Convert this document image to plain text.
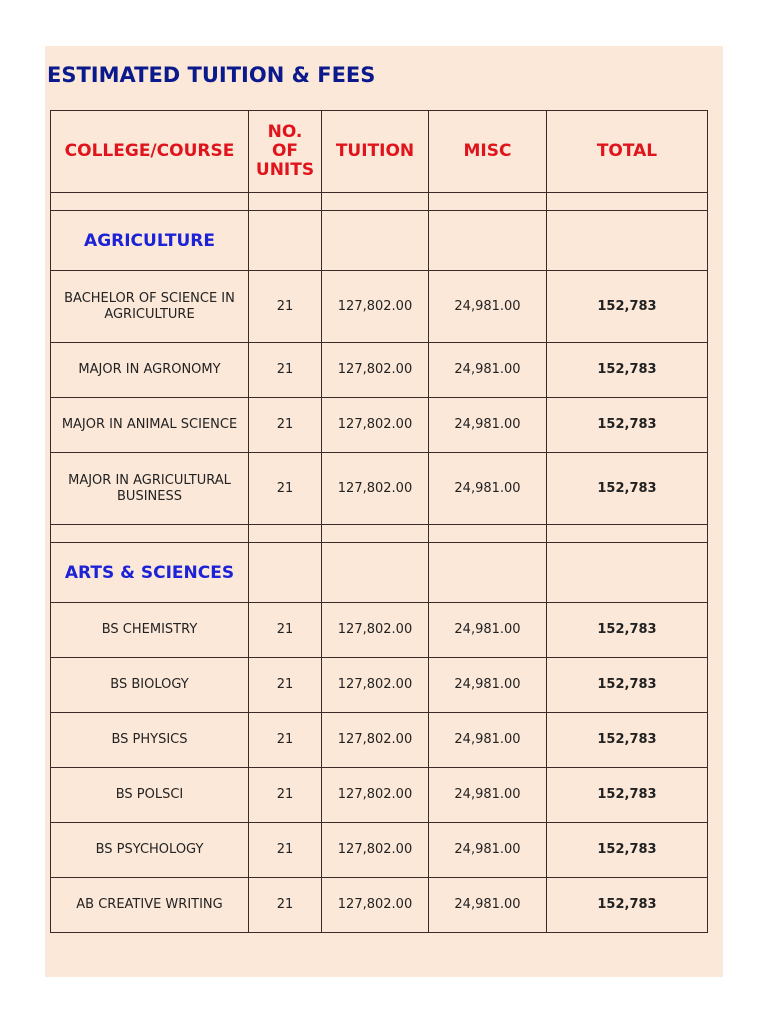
ESTIMATED TUITION & FEES
COLLEGE/COURSE	NO. OF UNITS	TUITION	MISC	TOTAL

AGRICULTURE				
BACHELOR OF SCIENCE IN AGRICULTURE	21	127,802.00	24,981.00	152,783
MAJOR IN AGRONOMY	21	127,802.00	24,981.00	152,783
MAJOR IN ANIMAL SCIENCE	21	127,802.00	24,981.00	152,783
MAJOR IN AGRICULTURAL BUSINESS	21	127,802.00	24,981.00	152,783

ARTS & SCIENCES				
BS CHEMISTRY	21	127,802.00	24,981.00	152,783
BS BIOLOGY	21	127,802.00	24,981.00	152,783
BS PHYSICS	21	127,802.00	24,981.00	152,783
BS POLSCI	21	127,802.00	24,981.00	152,783
BS PSYCHOLOGY	21	127,802.00	24,981.00	152,783
AB CREATIVE WRITING	21	127,802.00	24,981.00	152,783
